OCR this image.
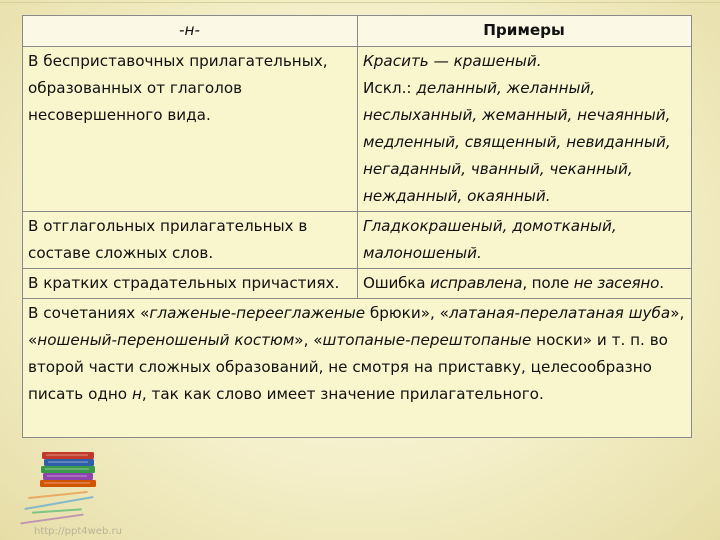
-н-	Примеры
В бесприставочных прилагательных, образованных от глаголов несовершенного вида.	Красить — крашеный.
Искл.: деланный, желанный, неслыханный, жеманный, нечаянный, медленный, священный, невиданный, негаданный, чванный, чеканный, нежданный, окаянный.
В отглагольных прилагательных в составе сложных слов.	Гладкокрашеный, домотканый, малоношеный.
В кратких страдательных причастиях.	Ошибка исправлена, поле не засеяно.
В сочетаниях «глаженые-перееглаженые брюки», «латаная-перелатаная шуба», «ношеный-переношеный костюм», «штопаные-перештопаные носки» и т. п. во второй части сложных образований, не смотря на приставку, целесообразно писать одно н, так как слово имеет значение прилагательного.	
http://ppt4web.ru
